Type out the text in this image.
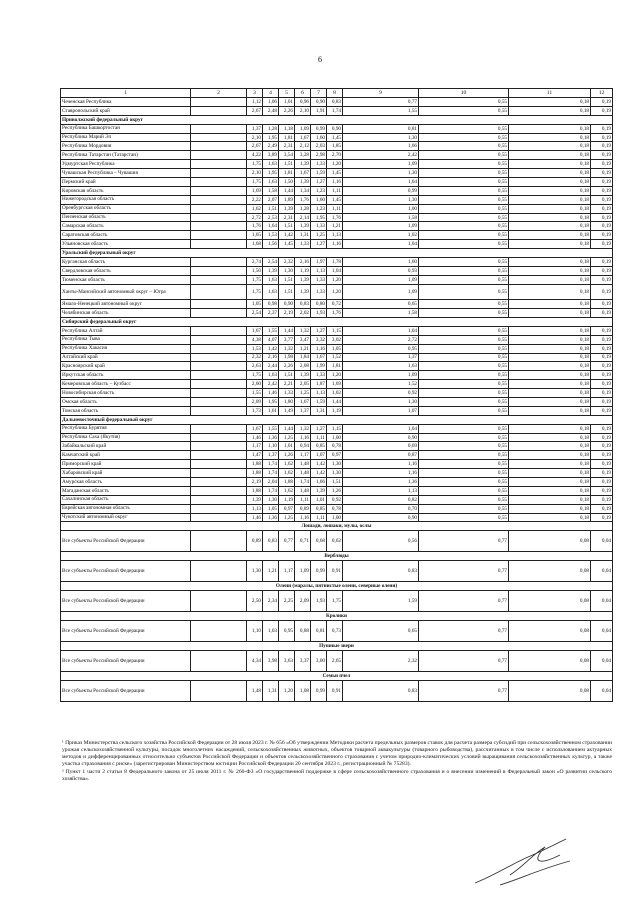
6
1	2	3	4	5	6	7	8	9	10	11	12	
Чеченская Республика		1,12	1,06	1,01	0,96	0,90	0,83	0,77	0,55	0,18	0,19	
Ставропольский край		2,67	2,48	2,26	2,10	1,91	1,74	1,55	0,55	0,18	0,19	
Приволжский федеральный округ												
Республика Башкортостан		1,37	1,28	1,18	1,09	0,99	0,90	0,81	0,55	0,18	0,19	
Республика Марий Эл		2,10	1,95	1,81	1,67	1,60	1,45	1,30	0,55	0,18	0,19	
Республика Мордовия		2,67	2,49	2,31	2,12	2,03	1,85	1,66	0,55	0,18	0,19	
Республика Татарстан (Татарстан)		4,22	3,89	3,54	3,28	2,98	2,70	2,42	0,55	0,18	0,19	
Удмуртская Республика		1,75	1,63	1,51	1,39	1,33	1,20	1,09	0,55	0,18	0,19	
Чувашская Республика – Чувашия		2,10	1,95	1,81	1,67	1,59	1,45	1,30	0,55	0,18	0,19	
Пермский край		1,75	1,63	1,50	1,39	1,27	1,16	1,04	0,55	0,18	0,19	
Кировская область		1,69	1,58	1,44	1,34	1,23	1,11	0,99	0,55	0,18	0,19	
Нижегородская область		2,22	2,07	1,89	1,76	1,60	1,45	1,30	0,55	0,18	0,19	
Оренбургская область		1,62	1,51	1,39	1,28	1,23	1,11	1,00	0,55	0,18	0,19	
Пензенская область		2,72	2,53	2,31	2,14	1,95	1,76	1,58	0,55	0,18	0,19	
Самарская область		1,76	1,64	1,51	1,39	1,33	1,21	1,09	0,55	0,18	0,19	
Саратовская область		1,65	1,53	1,42	1,31	1,25	1,13	1,02	0,55	0,18	0,19	
Ульяновская область		1,68	1,56	1,45	1,33	1,27	1,16	1,04	0,55	0,18	0,19	
Уральский федеральный округ												
Курганская область		2,74	2,54	2,32	2,16	1,97	1,78	1,60	0,55	0,18	0,19	
Свердловская область		1,50	1,39	1,30	1,19	1,13	1,04	0,93	0,55	0,18	0,19	
Тюменская область		1,75	1,63	1,51	1,39	1,33	1,20	1,09	0,55	0,18	0,19	
Ханты-Мансийский автономный округ – Югра		1,75	1,63	1,51	1,39	1,33	1,20	1,09	0,55	0,18	0,19	
Ямало-Ненецкий автономный округ		1,05	0,98	0,90	0,83	0,80	0,72	0,65	0,55	0,18	0,19	
Челябинская область		2,54	2,37	2,19	2,02	1,93	1,76	1,58	0,55	0,18	0,19	
Сибирский федеральный округ												
Республика Алтай		1,67	1,55	1,44	1,32	1,27	1,15	1,04	0,55	0,18	0,19	
Республика Тыва		4,38	4,07	3,77	3,47	3,32	3,02	2,72	0,55	0,18	0,19	
Республика Хакасия		1,53	1,42	1,32	1,21	1,16	1,05	0,95	0,55	0,18	0,19	
Алтайский край		2,32	2,16	1,98	1,84	1,67	1,52	1,37	0,55	0,18	0,19	
Красноярский край		2,63	2,44	2,26	2,08	1,99	1,81	1,63	0,55	0,18	0,19	
Иркутская область		1,75	1,63	1,51	1,39	1,33	1,20	1,09	0,55	0,18	0,19	
Кемеровская область – Кузбасс		2,60	2,42	2,21	2,05	1,87	1,69	1,52	0,55	0,18	0,19	
Новосибирская область		1,55	1,46	1,33	1,25	1,13	1,02	0,92	0,55	0,18	0,19	
Омская область		2,09	1,95	1,80	1,67	1,59	1,44	1,30	0,55	0,18	0,19	
Томская область		1,73	1,61	1,49	1,37	1,31	1,19	1,07	0,55	0,18	0,19	
Дальневосточный федеральный округ												
Республика Бурятия		1,67	1,55	1,44	1,32	1,27	1,15	1,04	0,55	0,18	0,19	
Республика Саха (Якутия)		1,46	1,36	1,25	1,16	1,11	1,00	0,90	0,55	0,18	0,19	
Забайкальский край		1,17	1,10	1,01	0,94	0,85	0,78	0,69	0,55	0,18	0,19	
Камчатский край		1,47	1,37	1,26	1,17	1,07	0,97	0,87	0,55	0,18	0,19	
Приморский край		1,88	1,74	1,62	1,48	1,42	1,30	1,16	0,55	0,18	0,19	
Хабаровский край		1,88	1,74	1,62	1,48	1,42	1,30	1,16	0,55	0,18	0,19	
Амурская область		2,19	2,04	1,88	1,74	1,66	1,51	1,36	0,55	0,18	0,19	
Магаданская область		1,88	1,74	1,62	1,48	1,39	1,26	1,13	0,55	0,18	0,19	
Сахалинская область		1,39	1,30	1,19	1,11	1,01	0,92	0,82	0,55	0,18	0,19	
Еврейская автономная область		1,13	1,05	0,97	0,89	0,85	0,78	0,70	0,55	0,18	0,19	
Чукотский автономный округ		1,46	1,36	1,25	1,16	1,11	1,00	0,90	0,55	0,18	0,19	
Лошади, лошаки, мулы, ослы												
Все субъекты Российской Федерации		0,89	0,83	0,77	0,71	0,68	0,62	0,56	0,77	0,08	0,04	
Верблюды												
Все субъекты Российской Федерации		1,30	1,21	1,17	1,09	0,99	0,91	0,83	0,77	0,08	0,04	
Олени (маралы, пятнистые олени, северные олени)												
Все субъекты Российской Федерации		2,50	2,34	2,25	2,09	1,93	1,75	1,59	0,77	0,08	0,04	
Кролики												
Все субъекты Российской Федерации		1,10	1,03	0,95	0,88	0,81	0,73	0,65	0,77	0,08	0,04	
Пушные звери												
Все субъекты Российской Федерации		4,34	3,98	3,63	3,37	3,00	2,65	2,32	0,77	0,08	0,04	
Семьи пчел												
Все субъекты Российской Федерации		1,48	1,31	1,20	1,08	0,99	0,91	0,83	0,77	0,08	0,04	

¹ Приказ Министерства сельского хозяйства Российской Федерации от 28 июля 2023 г. № 656 «Об утверждении Методики расчета предельных размеров ставок для расчета размера субсидий при сельскохозяйственном страховании урожая сельскохозяйственной культуры, посадок многолетних насаждений, сельскохозяйственных животных, объектов товарной аквакультуры (товарного рыбоводства), рассчитанных в том числе с использованием актуарных методов и дифференцированных относительно субъектов Российской Федерации и объектов сельскохозяйственного страхования с учетом природно-климатических условий выращивания сельскохозяйственных культур, а также участка страхования с риске» (зарегистрирован Министерством юстиции Российской Федерации 20 сентября 2023 г., регистрационный № 75283).

² Пункт 1 части 2 статьи 8 Федерального закона от 25 июля 2011 г. № 260-ФЗ «О государственной поддержке в сфере сельскохозяйственного страхования и о внесении изменений в Федеральный закон «О развитии сельского хозяйства».
